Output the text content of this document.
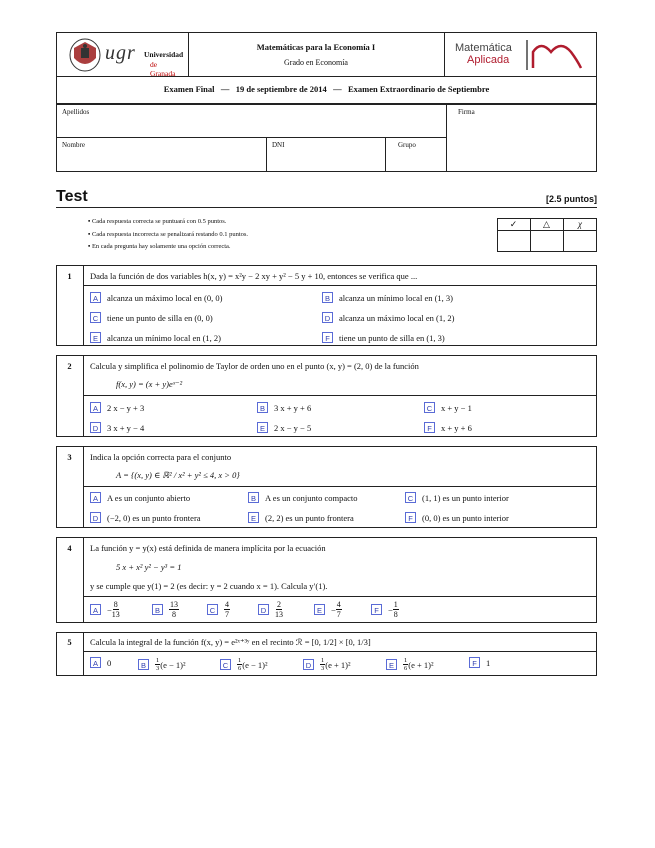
ugr Universidad
de Granada
Matemáticas para la Economía I
Grado en Economía
Matemática
Aplicada
Examen Final   —   19 de septiembre de 2014   —   Examen Extraordinario de Septiembre
Apellidos	Firma
Nombre	DNI	Grupo
Test	[2.5 puntos]
▪ Cada respuesta correcta se puntuará con 0.5 puntos.
▪ Cada respuesta incorrecta se penalizará restando 0.1 puntos.
▪ En cada pregunta hay solamente una opción correcta.
✓	△	χ
1	Dada la función de dos variables h(x, y) = x²y − 2 xy + y² − 5 y + 10, entonces se verifica que ...
A	alcanza un máximo local en (0, 0)	B	alcanza un mínimo local en (1, 3)
C	tiene un punto de silla en (0, 0)	D	alcanza un máximo local en (1, 2)
E	alcanza un mínimo local en (1, 2)	F	tiene un punto de silla en (1, 3)
2	Calcula y simplifica el polinomio de Taylor de orden uno en el punto (x, y) = (2, 0) de la función
f(x, y) = (x + y)eˣ⁻²
A	2 x − y + 3	B	3 x + y + 6	C	x + y − 1
D	3 x + y − 4	E	2 x − y − 5	F	x + y + 6
3	Indica la opción correcta para el conjunto
A = {(x, y) ∈ ℝ² / x² + y² ≤ 4, x > 0}
A	A es un conjunto abierto	B	A es un conjunto compacto	C	(1, 1) es un punto interior
D	(−2, 0) es un punto frontera	E	(2, 2) es un punto frontera	F	(0, 0) es un punto interior
4	La función y = y(x) está definida de manera implícita por la ecuación
5 x + x² y² − y³ = 1
y se cumple que y(1) = 2 (es decir: y = 2 cuando x = 1). Calcula y′(1).
A	− $\frac{8}{13}$	B	$\frac{13}{8}$	C	$\frac{4}{7}$	D	$\frac{2}{13}$	E	− $\frac{4}{7}$	F	− $\frac{1}{8}$
5	Calcula la integral de la función f(x, y) = e²ˣ⁺³ʸ en el recinto ℛ = [0, 1/2] × [0, 1/3]
A	0	B	$\frac{1}{3} (e - 1)^2$	C	$\frac{1}{6} (e - 1)^2$	D	$\frac{1}{3} (e + 1)^2$	E	$\frac{1}{6} (e + 1)^2$	F	1
